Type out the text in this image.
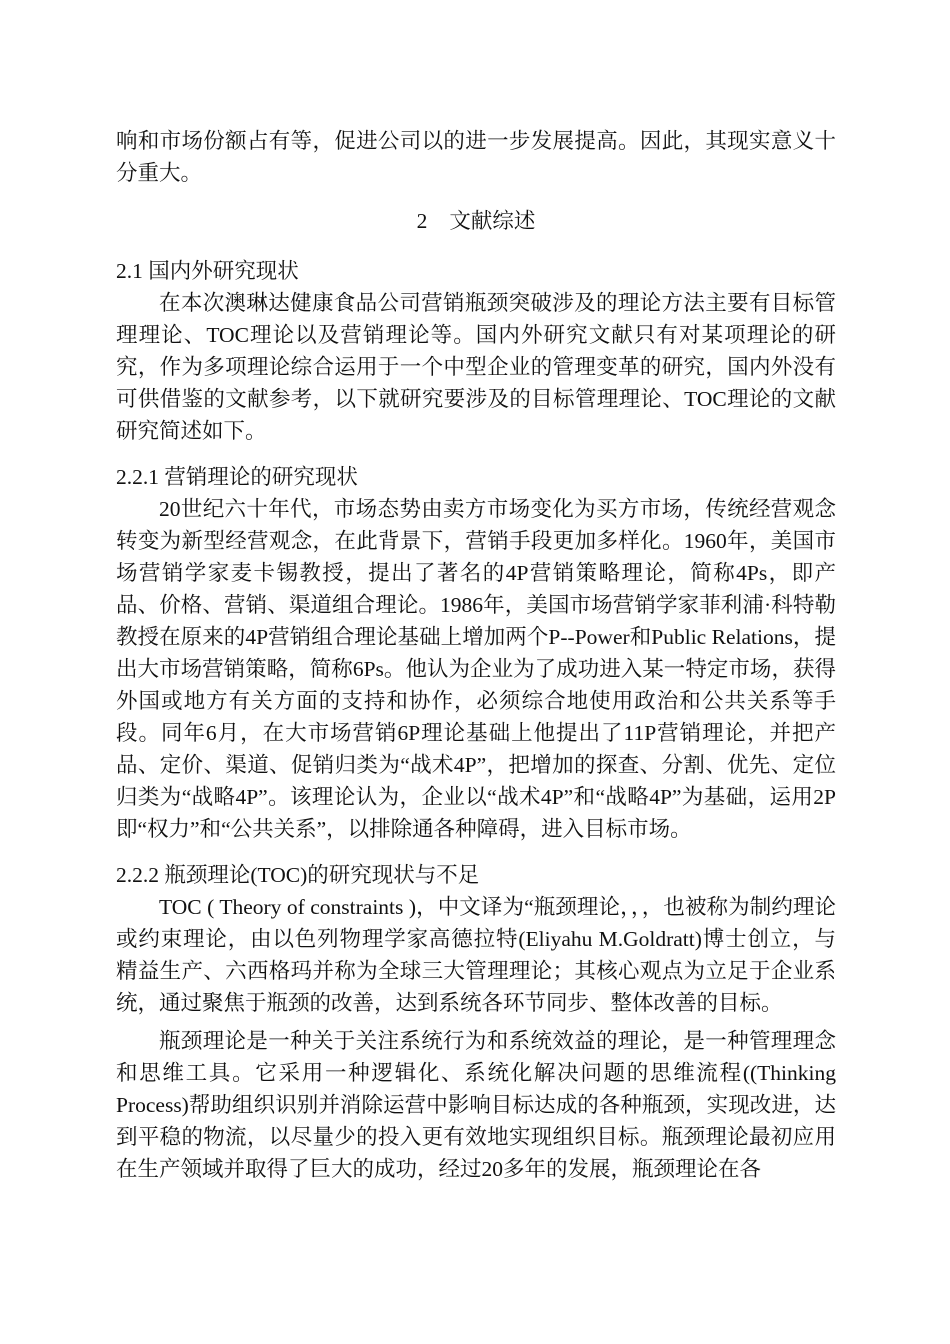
响和市场份额占有等，促进公司以的进一步发展提高。因此，其现实意义十分重大。

2 文献综述
2.1 国内外研究现状

在本次澳琳达健康食品公司营销瓶颈突破涉及的理论方法主要有目标管理理论、TOC理论以及营销理论等。国内外研究文献只有对某项理论的研究，作为多项理论综合运用于一个中型企业的管理变革的研究，国内外没有可供借鉴的文献参考，以下就研究要涉及的目标管理理论、TOC理论的文献研究简述如下。

2.2.1 营销理论的研究现状

20世纪六十年代，市场态势由卖方市场变化为买方市场，传统经营观念转变为新型经营观念，在此背景下，营销手段更加多样化。1960年，美国市场营销学家麦卡锡教授，提出了著名的4P营销策略理论，简称4Ps，即产品、价格、营销、渠道组合理论。1986年，美国市场营销学家菲利浦·科特勒教授在原来的4P营销组合理论基础上增加两个P--Power和Public Relations，提出大市场营销策略，简称6Ps。他认为企业为了成功进入某一特定市场，获得外国或地方有关方面的支持和协作，必须综合地使用政治和公共关系等手段。同年6月，在大市场营销6P理论基础上他提出了11P营销理论，并把产品、定价、渠道、促销归类为“战术4P”，把增加的探查、分割、优先、定位归类为“战略4P”。该理论认为，企业以“战术4P”和“战略4P”为基础，运用2P即“权力”和“公共关系”，以排除通各种障碍，进入目标市场。

2.2.2 瓶颈理论(TOC)的研究现状与不足

TOC ( Theory of constraints )，中文译为“瓶颈理论，，，也被称为制约理论或约束理论，由以色列物理学家高德拉特(Eliyahu M.Goldratt)博士创立，与精益生产、六西格玛并称为全球三大管理理论；其核心观点为立足于企业系统，通过聚焦于瓶颈的改善，达到系统各环节同步、整体改善的目标。

瓶颈理论是一种关于关注系统行为和系统效益的理论，是一种管理理念和思维工具。它采用一种逻辑化、系统化解决问题的思维流程((Thinking Process)帮助组织识别并消除运营中影响目标达成的各种瓶颈，实现改进，达到平稳的物流，以尽量少的投入更有效地实现组织目标。瓶颈理论最初应用在生产领域并取得了巨大的成功，经过20多年的发展，瓶颈理论在各
